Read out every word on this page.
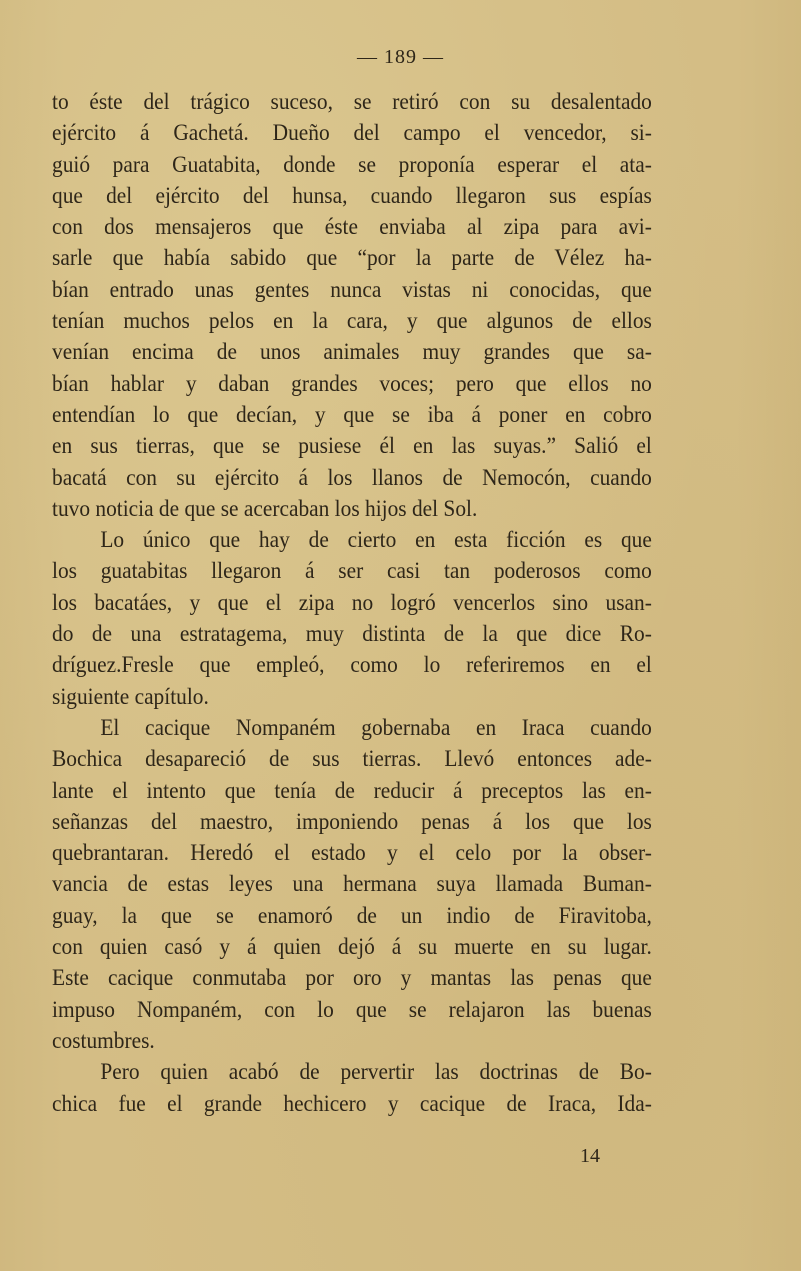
— 189 —
to éste del trágico suceso, se retiró con su desalentado
ejército á Gachetá. Dueño del campo el vencedor, si-
guió para Guatabita, donde se proponía esperar el ata-
que del ejército del hunsa, cuando llegaron sus espías
con dos mensajeros que éste enviaba al zipa para avi-
sarle que había sabido que “por la parte de Vélez ha-
bían entrado unas gentes nunca vistas ni conocidas, que
tenían muchos pelos en la cara, y que algunos de ellos
venían encima de unos animales muy grandes que sa-
bían hablar y daban grandes voces; pero que ellos no
entendían lo que decían, y que se iba á poner en cobro
en sus tierras, que se pusiese él en las suyas.” Salió el
bacatá con su ejército á los llanos de Nemocón, cuando
tuvo noticia de que se acercaban los hijos del Sol.
Lo único que hay de cierto en esta ficción es que
los guatabitas llegaron á ser casi tan poderosos como
los bacatáes, y que el zipa no logró vencerlos sino usan-
do de una estratagema, muy distinta de la que dice Ro-
dríguez.Fresle que empleó, como lo referiremos en el
siguiente capítulo.
El cacique Nompaném gobernaba en Iraca cuando
Bochica desapareció de sus tierras. Llevó entonces ade-
lante el intento que tenía de reducir á preceptos las en-
señanzas del maestro, imponiendo penas á los que los
quebrantaran. Heredó el estado y el celo por la obser-
vancia de estas leyes una hermana suya llamada Buman-
guay, la que se enamoró de un indio de Firavitoba,
con quien casó y á quien dejó á su muerte en su lugar.
Este cacique conmutaba por oro y mantas las penas que
impuso Nompaném, con lo que se relajaron las buenas
costumbres.
Pero quien acabó de pervertir las doctrinas de Bo-
chica fue el grande hechicero y cacique de Iraca, Ida-
14
